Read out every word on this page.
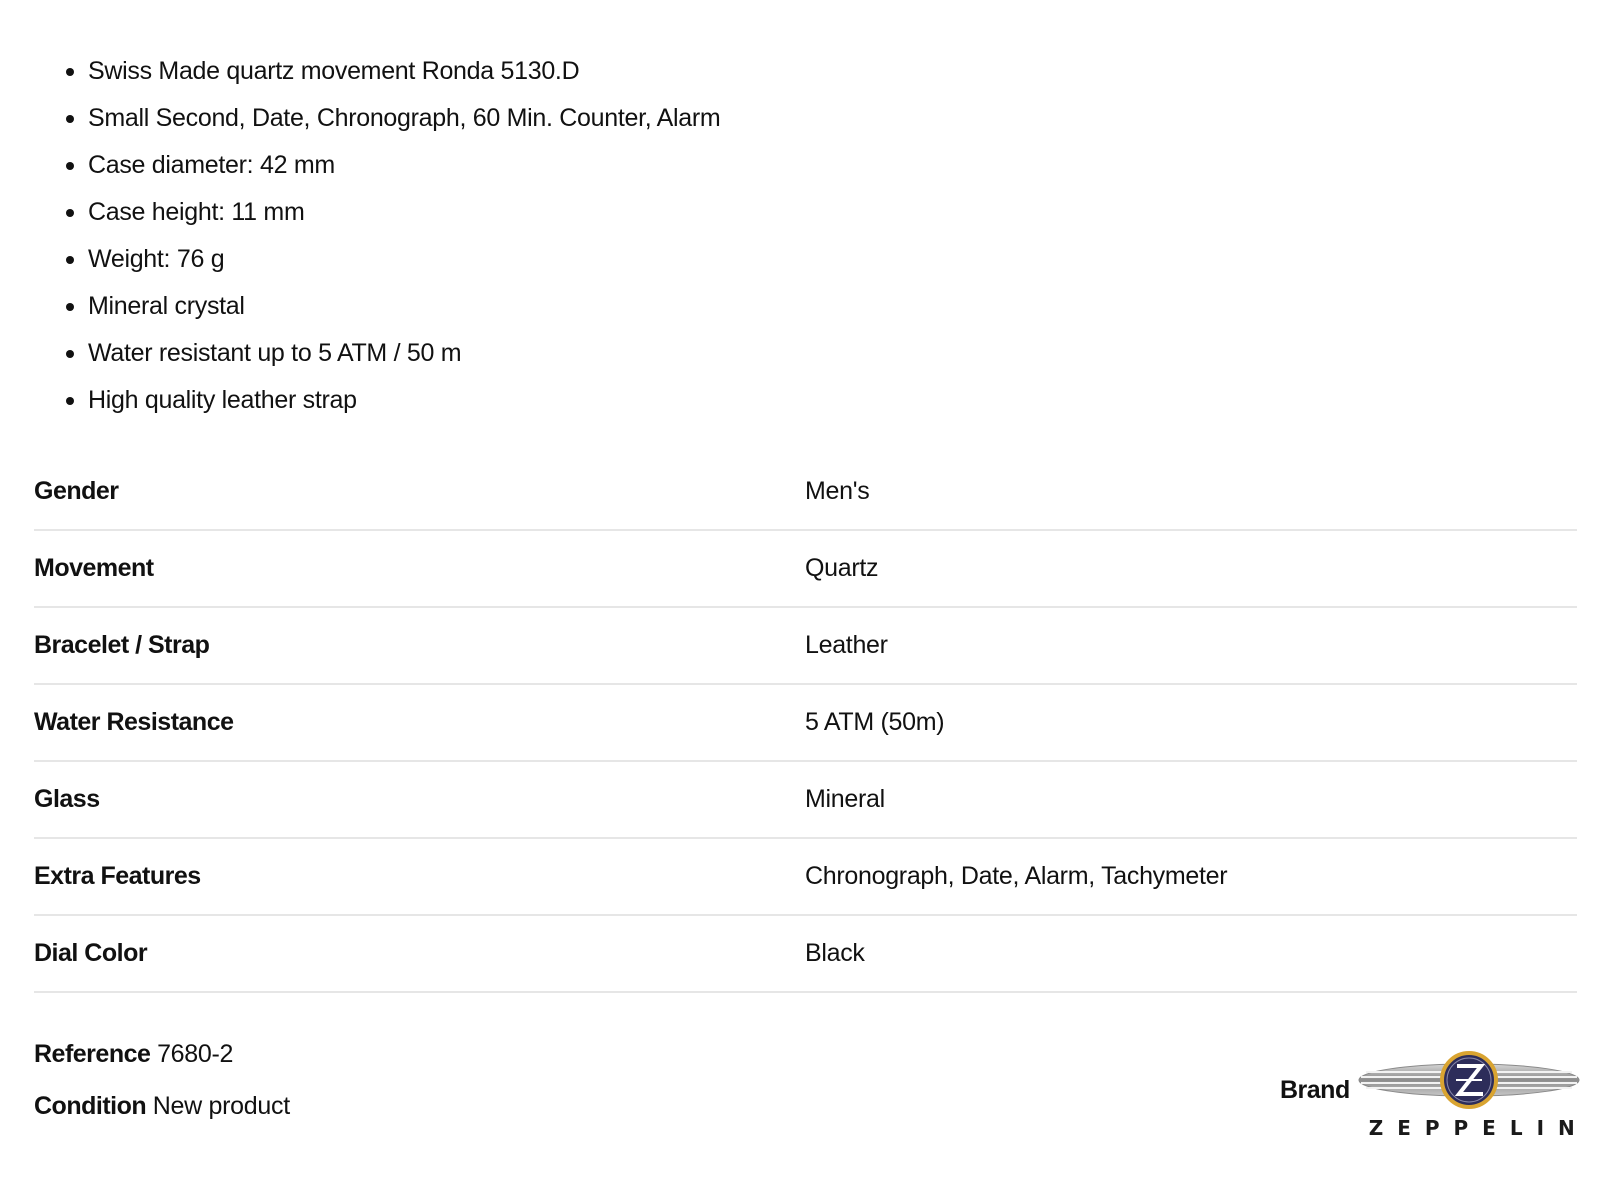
Swiss Made quartz movement Ronda 5130.D
Small Second, Date, Chronograph, 60 Min. Counter, Alarm
Case diameter: 42 mm
Case height: 11 mm
Weight: 76 g
Mineral crystal
Water resistant up to 5 ATM / 50 m
High quality leather strap
Gender	Men's
Movement	Quartz
Bracelet / Strap	Leather
Water Resistance	5 ATM (50m)
Glass	Mineral
Extra Features	Chronograph, Date, Alarm, Tachymeter
Dial Color	Black
Reference 7680-2
Condition New product
Brand
ZEPPELIN
